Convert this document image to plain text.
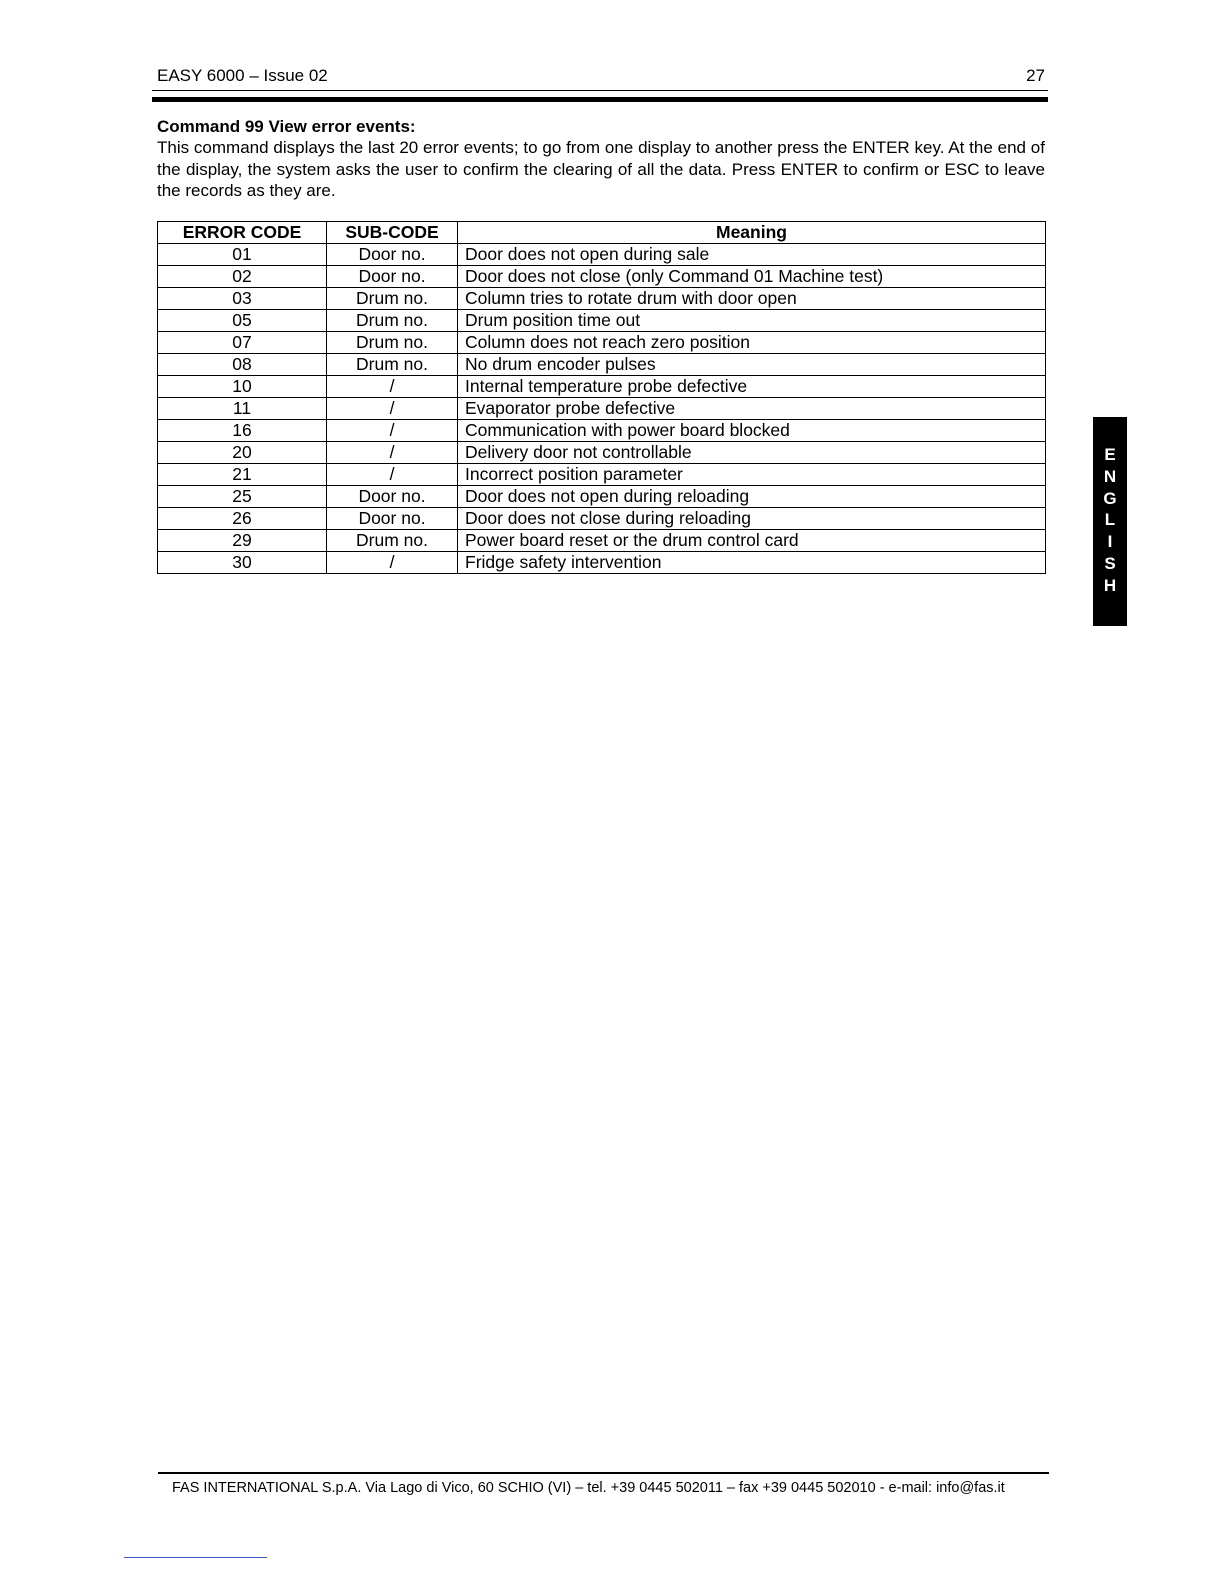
EASY 6000 – Issue 02	27
Command 99 View error events:

This command displays the last 20 error events; to go from one display to another press the ENTER key. At the end of the display, the system asks the user to confirm the clearing of all the data. Press ENTER to confirm or ESC to leave the records as they are.

ERROR CODE	SUB-CODE	Meaning
01	Door no.	Door does not open during sale
02	Door no.	Door does not close (only Command 01 Machine test)
03	Drum no.	Column tries to rotate drum with door open
05	Drum no.	Drum position time out
07	Drum no.	Column does not reach zero position
08	Drum no.	No drum encoder pulses
10	/	Internal temperature probe defective
11	/	Evaporator probe defective
16	/	Communication with power board blocked
20	/	Delivery door not controllable
21	/	Incorrect position parameter
25	Door no.	Door does not open during reloading
26	Door no.	Door does not close during reloading
29	Drum no.	Power board reset or the drum control card
30	/	Fridge safety intervention
E
N
G
L
I
S
H
FAS INTERNATIONAL S.p.A. Via Lago di Vico, 60 SCHIO (VI) – tel. +39 0445 502011 – fax +39 0445 502010 - e-mail: info@fas.it
